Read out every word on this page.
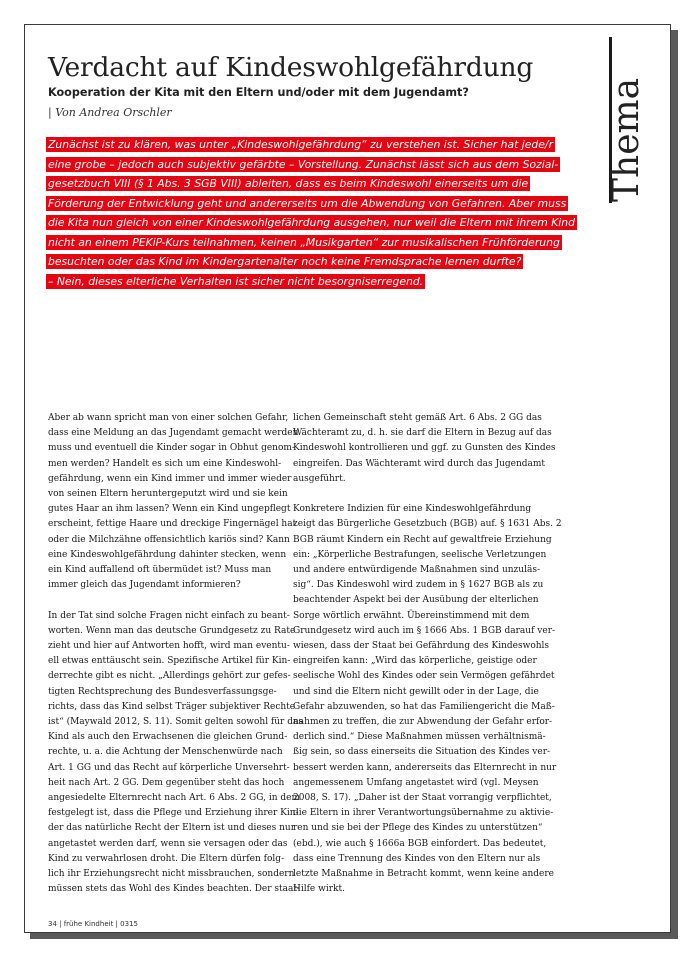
Verdacht auf Kindeswohlgefährdung
Kooperation der Kita mit den Eltern und/oder mit dem Jugendamt?

| Von Andrea Orschler	Thema
Zunächst ist zu klären, was unter „Kindeswohlgefährdung“ zu verstehen ist. Sicher hat jede/r
eine grobe – jedoch auch subjektiv gefärbte – Vorstellung. Zunächst lässt sich aus dem Sozial-
gesetzbuch VIII (§ 1 Abs. 3 SGB VIII) ableiten, dass es beim Kindeswohl einerseits um die
Förderung der Entwicklung geht und andererseits um die Abwendung von Gefahren. Aber muss
die Kita nun gleich von einer Kindeswohlgefährdung ausgehen, nur weil die Eltern mit ihrem Kind
nicht an einem PEKiP-Kurs teilnahmen, keinen „Musikgarten“ zur musikalischen Frühförderung
besuchten oder das Kind im Kindergartenalter noch keine Fremdsprache lernen durfte?
– Nein, dieses elterliche Verhalten ist sicher nicht besorgniserregend.
Aber ab wann spricht man von einer solchen Gefahr,
dass eine Meldung an das Jugendamt gemacht werden
muss und eventuell die Kinder sogar in Obhut genom-
men werden? Handelt es sich um eine Kindeswohl-
gefährdung, wenn ein Kind immer und immer wieder
von seinen Eltern heruntergeputzt wird und sie kein
gutes Haar an ihm lassen? Wenn ein Kind ungepflegt
erscheint, fettige Haare und dreckige Fingernägel hat
oder die Milchzähne offensichtlich kariös sind? Kann
eine Kindeswohlgefährdung dahinter stecken, wenn
ein Kind auffallend oft übermüdet ist? Muss man
immer gleich das Jugendamt informieren?
In der Tat sind solche Fragen nicht einfach zu beant-
worten. Wenn man das deutsche Grundgesetz zu Rate
zieht und hier auf Antworten hofft, wird man eventu-
ell etwas enttäuscht sein. Spezifische Artikel für Kin-
derrechte gibt es nicht. „Allerdings gehört zur gefes-
tigten Rechtsprechung des Bundesverfassungsge-
richts, dass das Kind selbst Träger subjektiver Rechte
ist“ (Maywald 2012, S. 11). Somit gelten sowohl für das
Kind als auch den Erwachsenen die gleichen Grund-
rechte, u. a. die Achtung der Menschenwürde nach
Art. 1 GG und das Recht auf körperliche Unversehrt-
heit nach Art. 2 GG. Dem gegenüber steht das hoch
angesiedelte Elternrecht nach Art. 6 Abs. 2 GG, in dem
festgelegt ist, dass die Pflege und Erziehung ihrer Kin-
der das natürliche Recht der Eltern ist und dieses nur
angetastet werden darf, wenn sie versagen oder das
Kind zu verwahrlosen droht. Die Eltern dürfen folg-
lich ihr Erziehungsrecht nicht missbrauchen, sondern
müssen stets das Wohl des Kindes beachten. Der staat-
lichen Gemeinschaft steht gemäß Art. 6 Abs. 2 GG das
Wächteramt zu, d. h. sie darf die Eltern in Bezug auf das
Kindeswohl kontrollieren und ggf. zu Gunsten des Kindes
eingreifen. Das Wächteramt wird durch das Jugendamt
ausgeführt.
Konkretere Indizien für eine Kindeswohlgefährdung
zeigt das Bürgerliche Gesetzbuch (BGB) auf. § 1631 Abs. 2
BGB räumt Kindern ein Recht auf gewaltfreie Erziehung
ein: „Körperliche Bestrafungen, seelische Verletzungen
und andere entwürdigende Maßnahmen sind unzuläs-
sig“. Das Kindeswohl wird zudem in § 1627 BGB als zu
beachtender Aspekt bei der Ausübung der elterlichen
Sorge wörtlich erwähnt. Übereinstimmend mit dem
Grundgesetz wird auch im § 1666 Abs. 1 BGB darauf ver-
wiesen, dass der Staat bei Gefährdung des Kindeswohls
eingreifen kann: „Wird das körperliche, geistige oder
seelische Wohl des Kindes oder sein Vermögen gefährdet
und sind die Eltern nicht gewillt oder in der Lage, die
Gefahr abzuwenden, so hat das Familiengericht die Maß-
nahmen zu treffen, die zur Abwendung der Gefahr erfor-
derlich sind.“ Diese Maßnahmen müssen verhältnismä-
ßig sein, so dass einerseits die Situation des Kindes ver-
bessert werden kann, andererseits das Elternrecht in nur
angemessenem Umfang angetastet wird (vgl. Meysen
2008, S. 17). „Daher ist der Staat vorrangig verpflichtet,
die Eltern in ihrer Verantwortungsübernahme zu aktivie-
ren und sie bei der Pflege des Kindes zu unterstützen“
(ebd.), wie auch § 1666a BGB einfordert. Das bedeutet,
dass eine Trennung des Kindes von den Eltern nur als
letzte Maßnahme in Betracht kommt, wenn keine andere
Hilfe wirkt.
34 | frühe Kindheit | 0315
